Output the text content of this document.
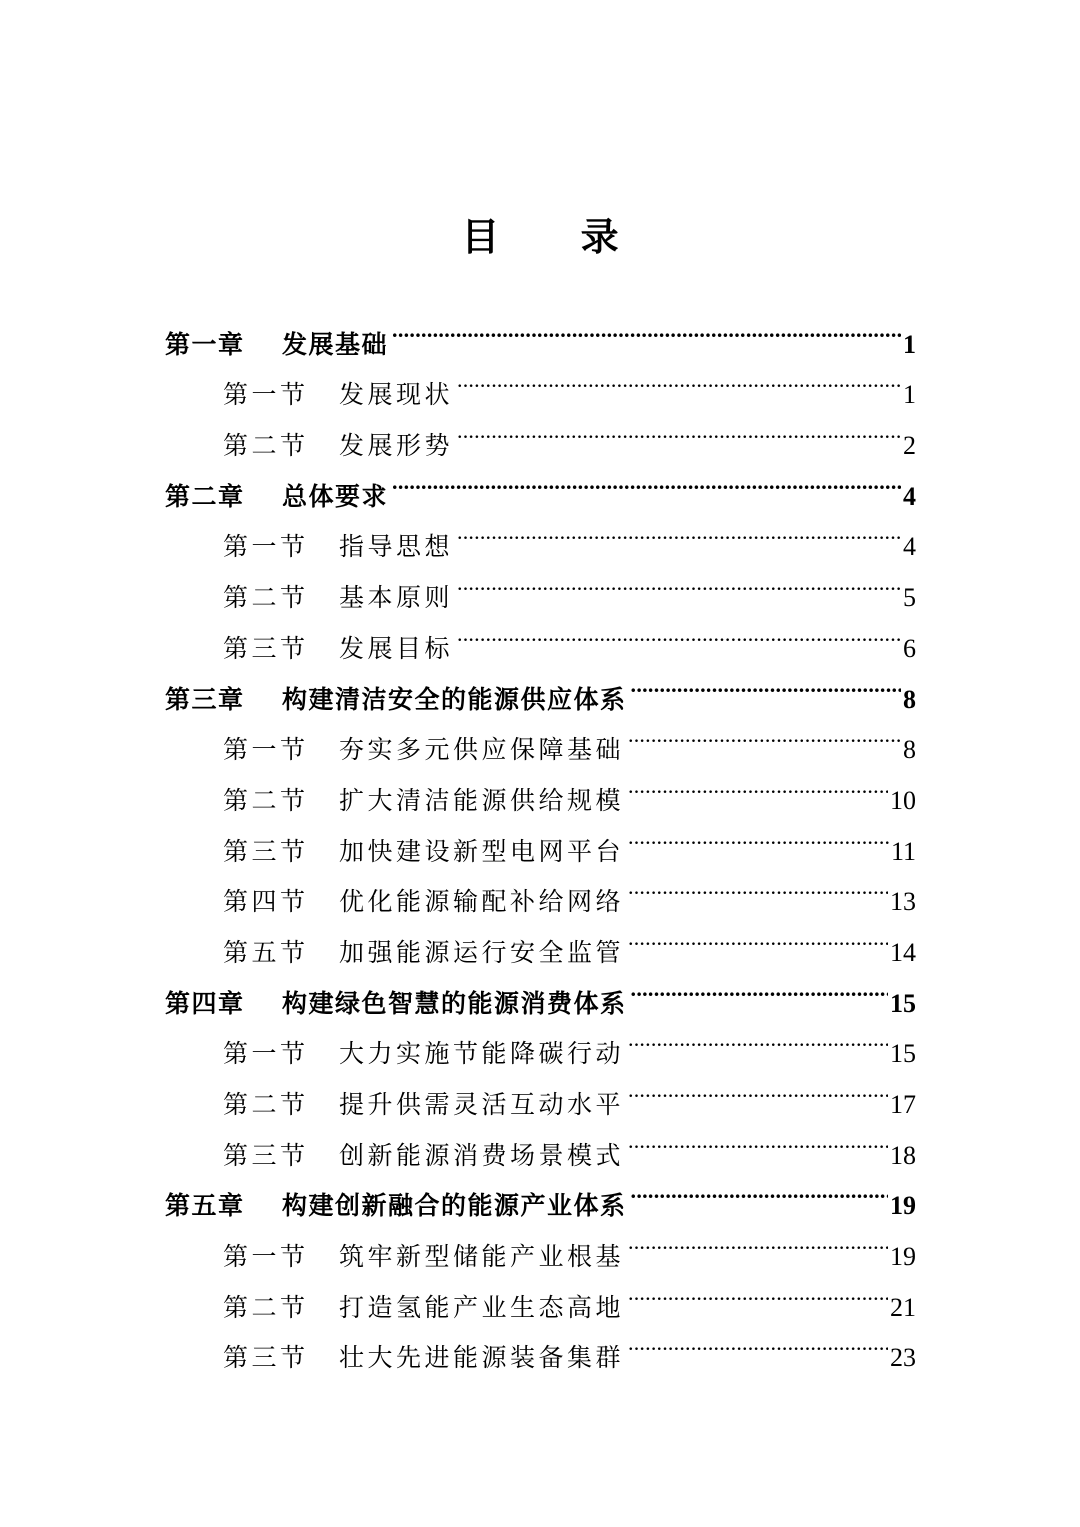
目 录
第一章	发展基础 .....	1
第一节	发展现状 .....	1
第二节	发展形势 .....	2
第二章	总体要求 .....	4
第一节	指导思想 .....	4
第二节	基本原则 .....	5
第三节	发展目标 .....	6
第三章	构建清洁安全的能源供应体系 .....	8
第一节	夯实多元供应保障基础 .....	8
第二节	扩大清洁能源供给规模 .....	10
第三节	加快建设新型电网平台 .....	11
第四节	优化能源输配补给网络 .....	13
第五节	加强能源运行安全监管 .....	14
第四章	构建绿色智慧的能源消费体系 .....	15
第一节	大力实施节能降碳行动 .....	15
第二节	提升供需灵活互动水平 .....	17
第三节	创新能源消费场景模式 .....	18
第五章	构建创新融合的能源产业体系 .....	19
第一节	筑牢新型储能产业根基 .....	19
第二节	打造氢能产业生态高地 .....	21
第三节	壮大先进能源装备集群 .....	23
